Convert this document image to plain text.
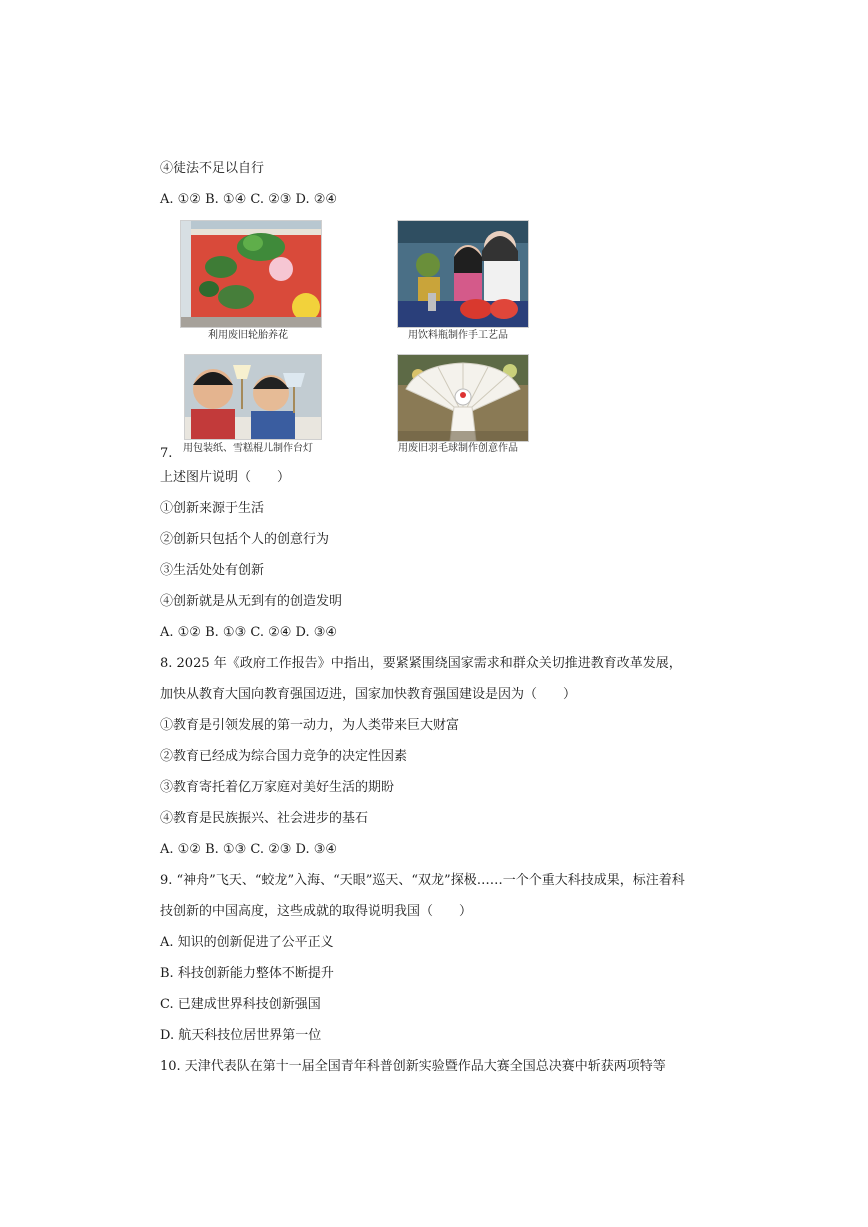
④徒法不足以自行
A. ①② B. ①④ C. ②③ D. ②④
利用废旧轮胎养花	用饮料瓶制作手工艺品
7. 用包装纸、雪糕棍儿制作台灯	用废旧羽毛球制作创意作品
上述图片说明（　　）
①创新来源于生活
②创新只包括个人的创意行为
③生活处处有创新
④创新就是从无到有的创造发明
A. ①② B. ①③ C. ②④ D. ③④
8. 2025 年《政府工作报告》中指出，要紧紧围绕国家需求和群众关切推进教育改革发展，
加快从教育大国向教育强国迈进，国家加快教育强国建设是因为（　　）
①教育是引领发展的第一动力，为人类带来巨大财富
②教育已经成为综合国力竞争的决定性因素
③教育寄托着亿万家庭对美好生活的期盼
④教育是民族振兴、社会进步的基石
A. ①② B. ①③ C. ②③ D. ③④
9. “神舟”飞天、“蛟龙”入海、“天眼”巡天、“双龙”探极……一个个重大科技成果，标注着科
技创新的中国高度，这些成就的取得说明我国（　　）
A. 知识的创新促进了公平正义
B. 科技创新能力整体不断提升
C. 已建成世界科技创新强国
D. 航天科技位居世界第一位
10. 天津代表队在第十一届全国青年科普创新实验暨作品大赛全国总决赛中斩获两项特等
